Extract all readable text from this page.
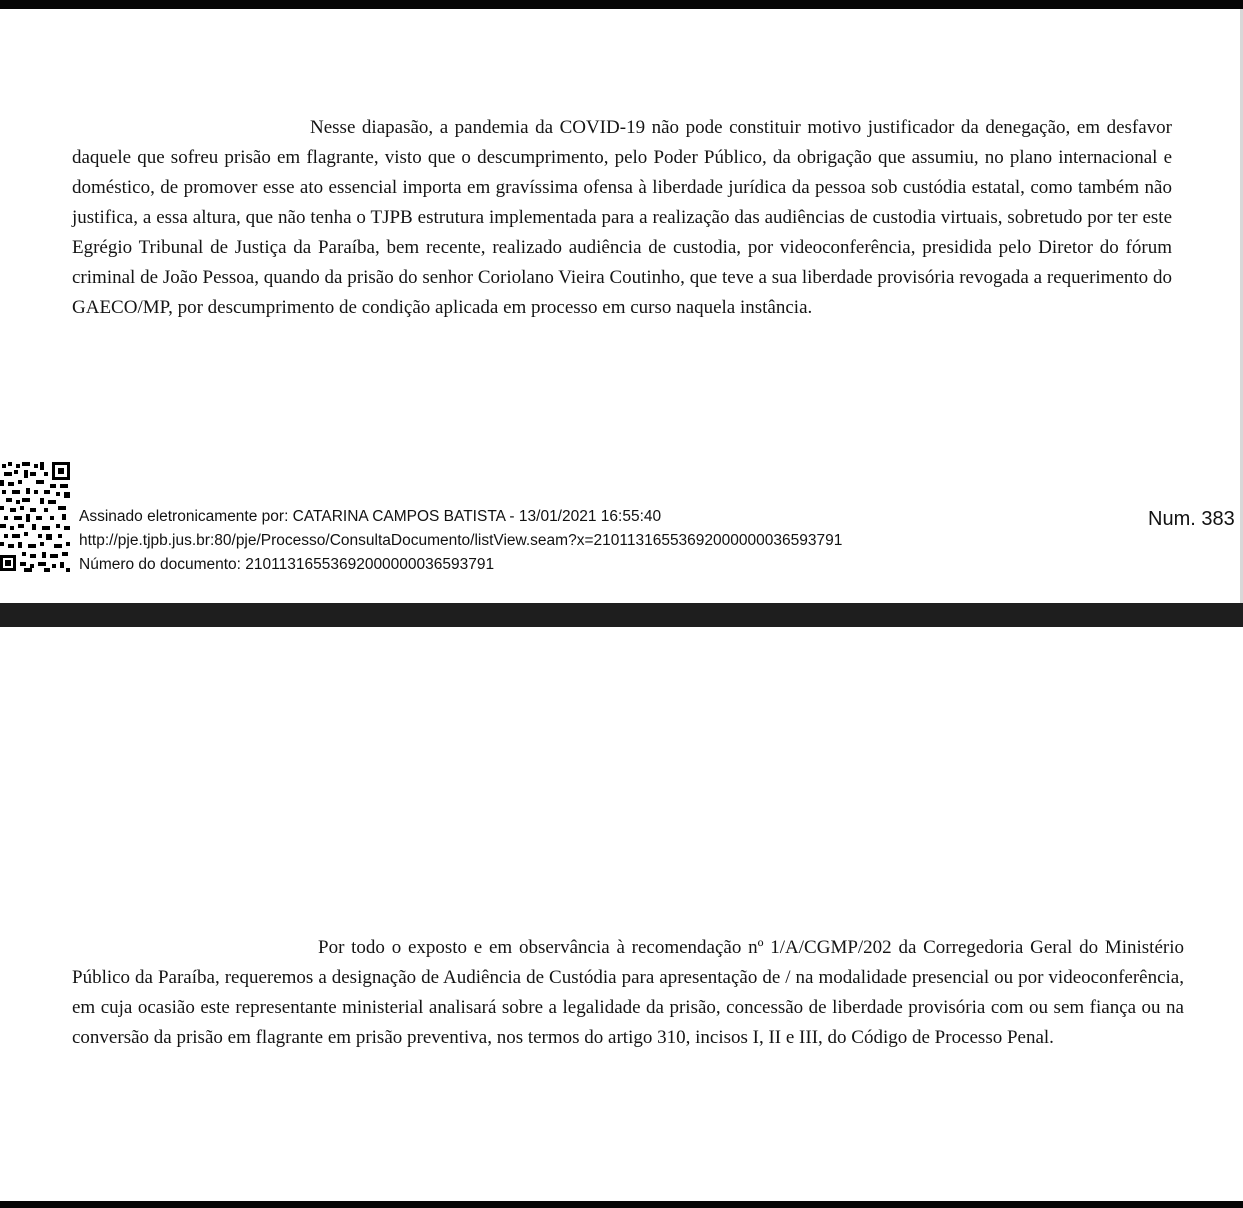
Nesse diapasão, a pandemia da COVID-19 não pode constituir motivo justificador da denegação, em desfavor daquele que sofreu prisão em flagrante, visto que o descumprimento, pelo Poder Público, da obrigação que assumiu, no plano internacional e doméstico, de promover esse ato essencial importa em gravíssima ofensa à liberdade jurídica da pessoa sob custódia estatal, como também não justifica, a essa altura, que não tenha o TJPB estrutura implementada para a realização das audiências de custodia virtuais, sobretudo por ter este Egrégio Tribunal de Justiça da Paraíba, bem recente, realizado audiência de custodia, por videoconferência, presidida pelo Diretor do fórum criminal de João Pessoa, quando da prisão do senhor Coriolano Vieira Coutinho, que teve a sua liberdade provisória revogada a requerimento do GAECO/MP, por descumprimento de condição aplicada em processo em curso naquela instância.

Assinado eletronicamente por: CATARINA CAMPOS BATISTA - 13/01/2021 16:55:40
http://pje.tjpb.jus.br:80/pje/Processo/ConsultaDocumento/listView.seam?x=21011316553692000000036593791
Número do documento: 21011316553692000000036593791
Num. 383

Por todo o exposto e em observância à recomendação nº 1/A/CGMP/202 da Corregedoria Geral do Ministério Público da Paraíba, requeremos a designação de Audiência de Custódia para apresentação de / na modalidade presencial ou por videoconferência, em cuja ocasião este representante ministerial analisará sobre a legalidade da prisão, concessão de liberdade provisória com ou sem fiança ou na conversão da prisão em flagrante em prisão preventiva, nos termos do artigo 310, incisos I, II e III, do Código de Processo Penal.
